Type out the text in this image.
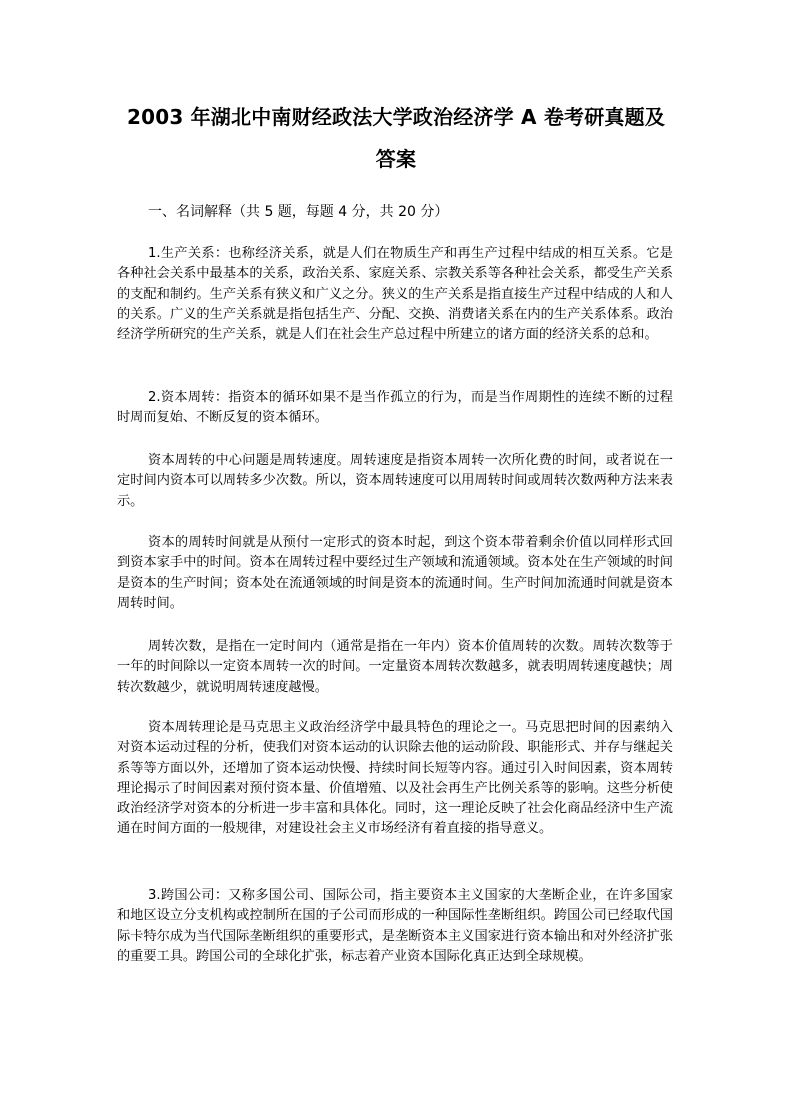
2003 年湖北中南财经政法大学政治经济学 A 卷考研真题及
答案
一、名词解释（共 5 题，每题 4 分，共 20 分）

1.生产关系：也称经济关系，就是人们在物质生产和再生产过程中结成的相互关系。它是各种社会关系中最基本的关系，政治关系、家庭关系、宗教关系等各种社会关系，都受生产关系的支配和制约。生产关系有狭义和广义之分。狭义的生产关系是指直接生产过程中结成的人和人的关系。广义的生产关系就是指包括生产、分配、交换、消费诸关系在内的生产关系体系。政治经济学所研究的生产关系，就是人们在社会生产总过程中所建立的诸方面的经济关系的总和。

2.资本周转：指资本的循环如果不是当作孤立的行为，而是当作周期性的连续不断的过程时周而复始、不断反复的资本循环。

资本周转的中心问题是周转速度。周转速度是指资本周转一次所化费的时间，或者说在一定时间内资本可以周转多少次数。所以，资本周转速度可以用周转时间或周转次数两种方法来表示。

资本的周转时间就是从预付一定形式的资本时起，到这个资本带着剩余价值以同样形式回到资本家手中的时间。资本在周转过程中要经过生产领域和流通领域。资本处在生产领域的时间是资本的生产时间；资本处在流通领域的时间是资本的流通时间。生产时间加流通时间就是资本周转时间。

周转次数，是指在一定时间内（通常是指在一年内）资本价值周转的次数。周转次数等于一年的时间除以一定资本周转一次的时间。一定量资本周转次数越多，就表明周转速度越快；周转次数越少，就说明周转速度越慢。

资本周转理论是马克思主义政治经济学中最具特色的理论之一。马克思把时间的因素纳入对资本运动过程的分析，使我们对资本运动的认识除去他的运动阶段、职能形式、并存与继起关系等等方面以外，还增加了资本运动快慢、持续时间长短等内容。通过引入时间因素，资本周转理论揭示了时间因素对预付资本量、价值增殖、以及社会再生产比例关系等的影响。这些分析使政治经济学对资本的分析进一步丰富和具体化。同时，这一理论反映了社会化商品经济中生产流通在时间方面的一般规律，对建设社会主义市场经济有着直接的指导意义。

3.跨国公司：又称多国公司、国际公司，指主要资本主义国家的大垄断企业，在许多国家和地区设立分支机构或控制所在国的子公司而形成的一种国际性垄断组织。跨国公司已经取代国际卡特尔成为当代国际垄断组织的重要形式，是垄断资本主义国家进行资本输出和对外经济扩张的重要工具。跨国公司的全球化扩张，标志着产业资本国际化真正达到全球规模。
